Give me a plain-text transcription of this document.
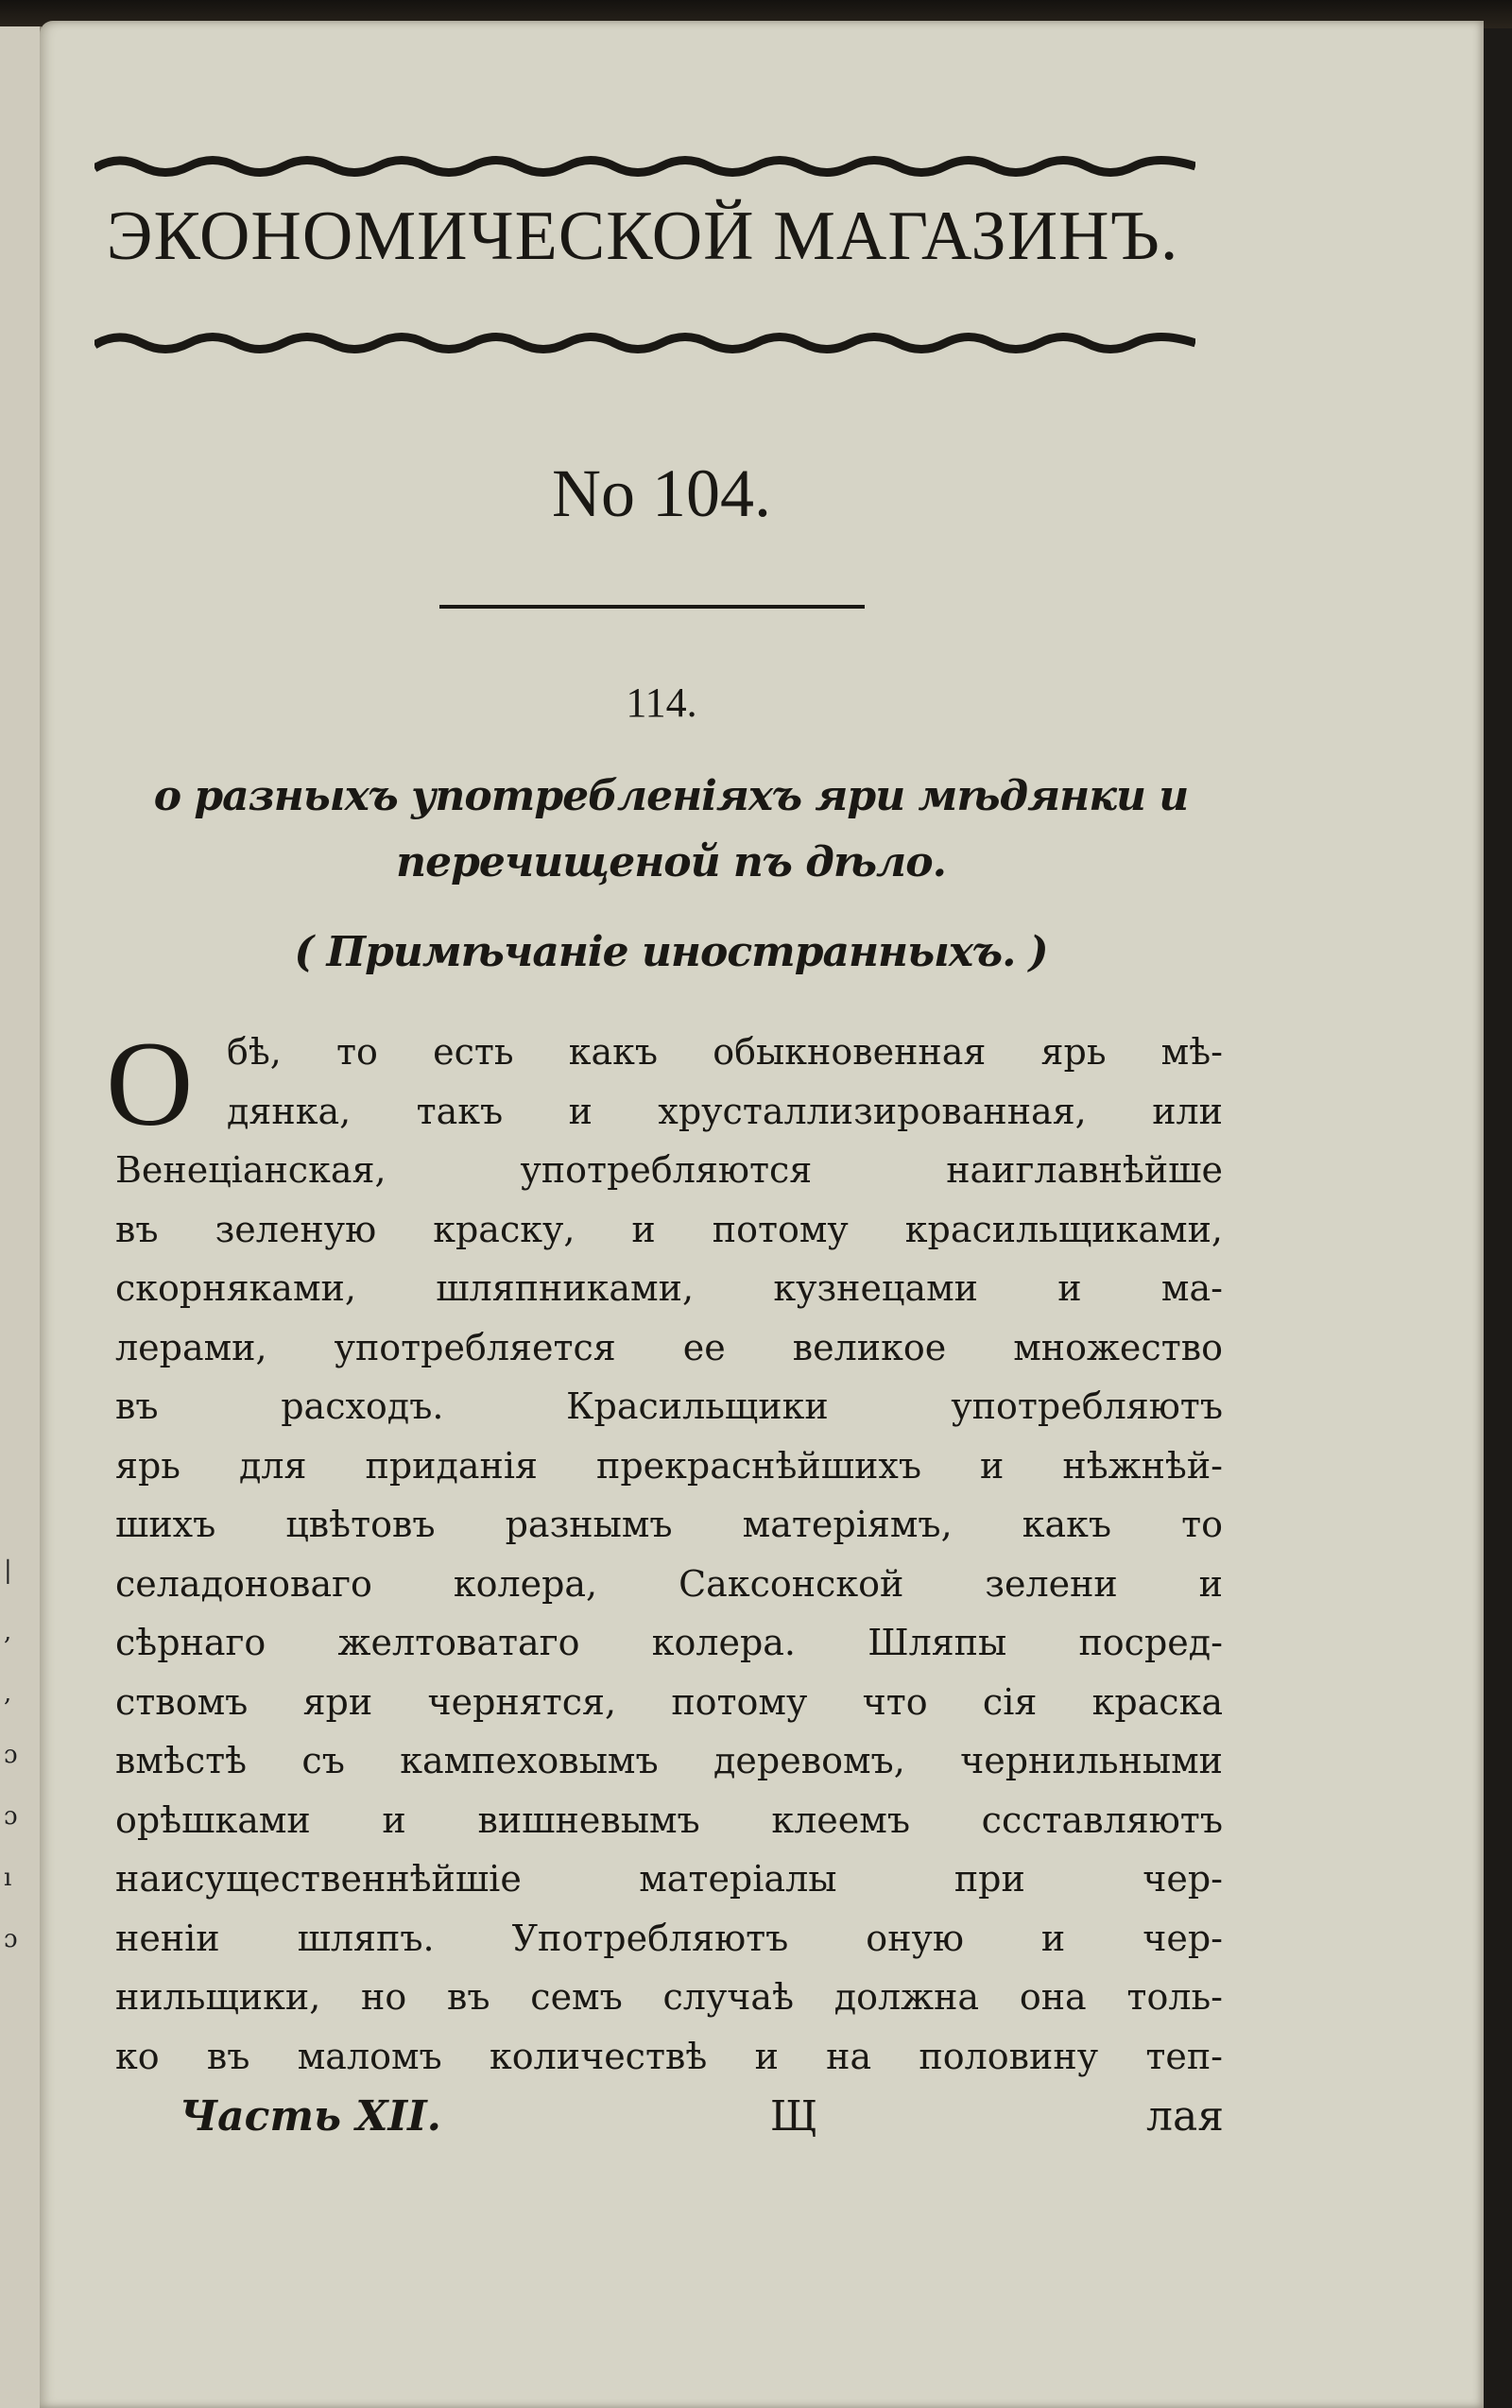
|
,
,
ɔ
ɔ
ı
ɔ
ЭКОНОМИЧЕСКОЙ МАГАЗИНЪ.
No 104.
114.
о разныхъ употребленіяхъ яри мѣдянки и
перечищеной пъ дѣло.
( Примѣчаніе иностранныхъ. )
О бѣ, то есть какъ обыкновенная ярь мѣ-
дянка, такъ и хрусталлизированная, или
Венеціанская, употребляются наиглавнѣйше
въ зеленую краску, и потому красильщиками,
скорняками, шляпниками, кузнецами и ма-
лерами, употребляется ее великое множество
въ расходъ. Красильщики употребляютъ
ярь для приданія прекраснѣйшихъ и нѣжнѣй-
шихъ цвѣтовъ разнымъ матеріямъ, какъ то
селадоноваго колера, Саксонской зелени и
сѣрнаго желтоватаго колера. Шляпы посред-
ствомъ яри чернятся, потому что сія краска
вмѣстѣ съ кампеховымъ деревомъ, чернильными
орѣшками и вишневымъ клеемъ ссставляютъ
наисущественнѣйшіе матеріалы при чер-
неніи шляпъ. Употребляютъ оную и чер-
нильщики, но въ семъ случаѣ должна она толь-
ко въ маломъ количествѣ и на половину теп-
Часть XII.	Щ	лая
